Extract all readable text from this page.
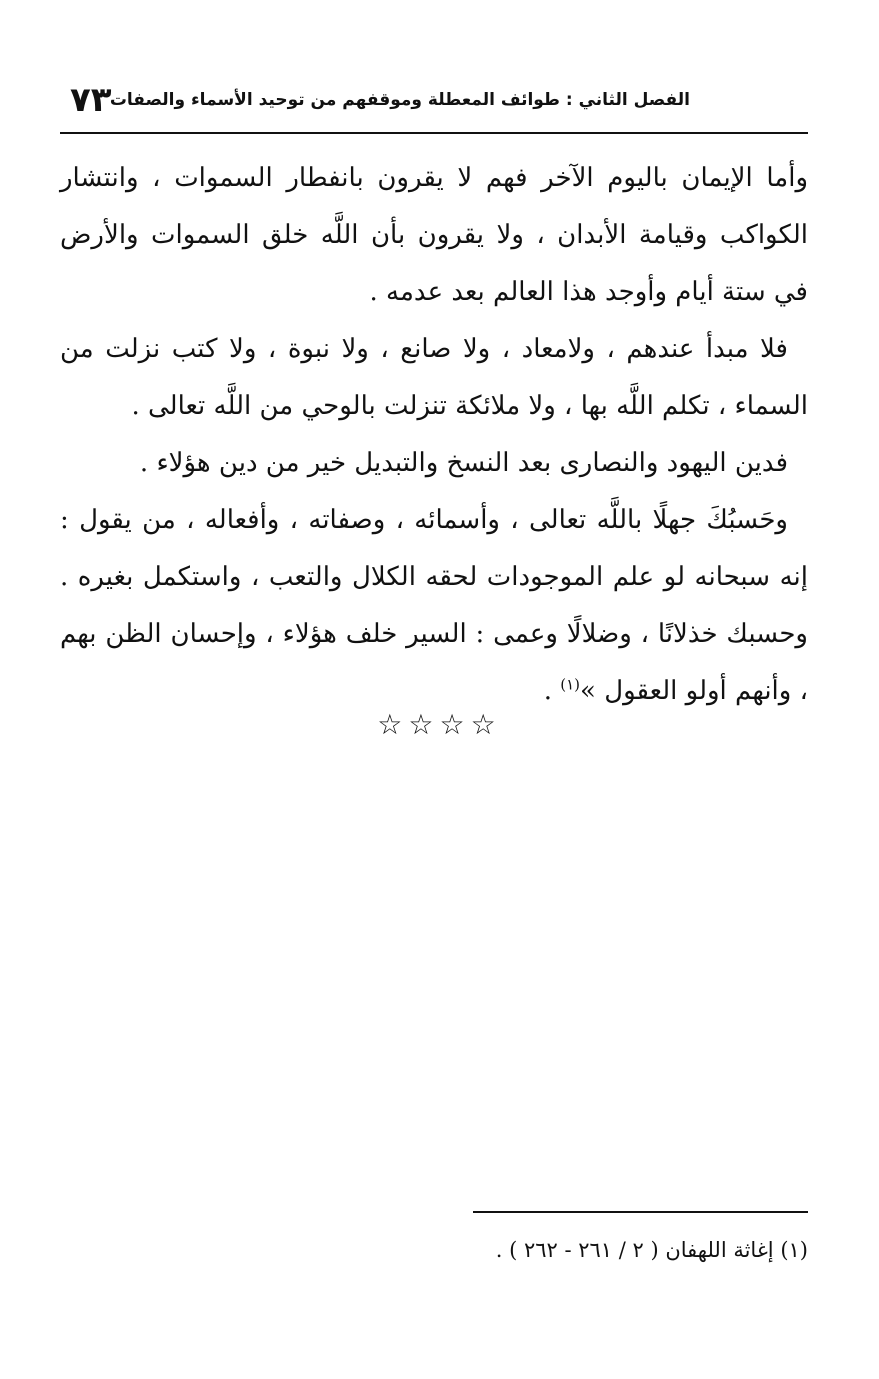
الفصل الثاني : طوائف المعطلة وموقفهم من توحيد الأسماء والصفات
٧٣

وأما الإيمان باليوم الآخر فهم لا يقرون بانفطار السموات ، وانتشار الكواكب وقيامة الأبدان ، ولا يقرون بأن اللَّه خلق السموات والأرض في ستة أيام وأوجد هذا العالم بعد عدمه .

فلا مبدأ عندهم ، ولامعاد ، ولا صانع ، ولا نبوة ، ولا كتب نزلت من السماء ، تكلم اللَّه بها ، ولا ملائكة تنزلت بالوحي من اللَّه تعالى .

فدين اليهود والنصارى بعد النسخ والتبديل خير من دين هؤلاء .

وحَسبُكَ جهلًا باللَّه تعالى ، وأسمائه ، وصفاته ، وأفعاله ، من يقول : إنه سبحانه لو علم الموجودات لحقه الكلال والتعب ، واستكمل بغيره . وحسبك خذلانًا ، وضلالًا وعمى : السير خلف هؤلاء ، وإحسان الظن بهم ، وأنهم أولو العقول »$^{(١)}$ .

☆☆☆☆
(١) إغاثة اللهفان ( ٢ / ٢٦١ - ٢٦٢ ) .
